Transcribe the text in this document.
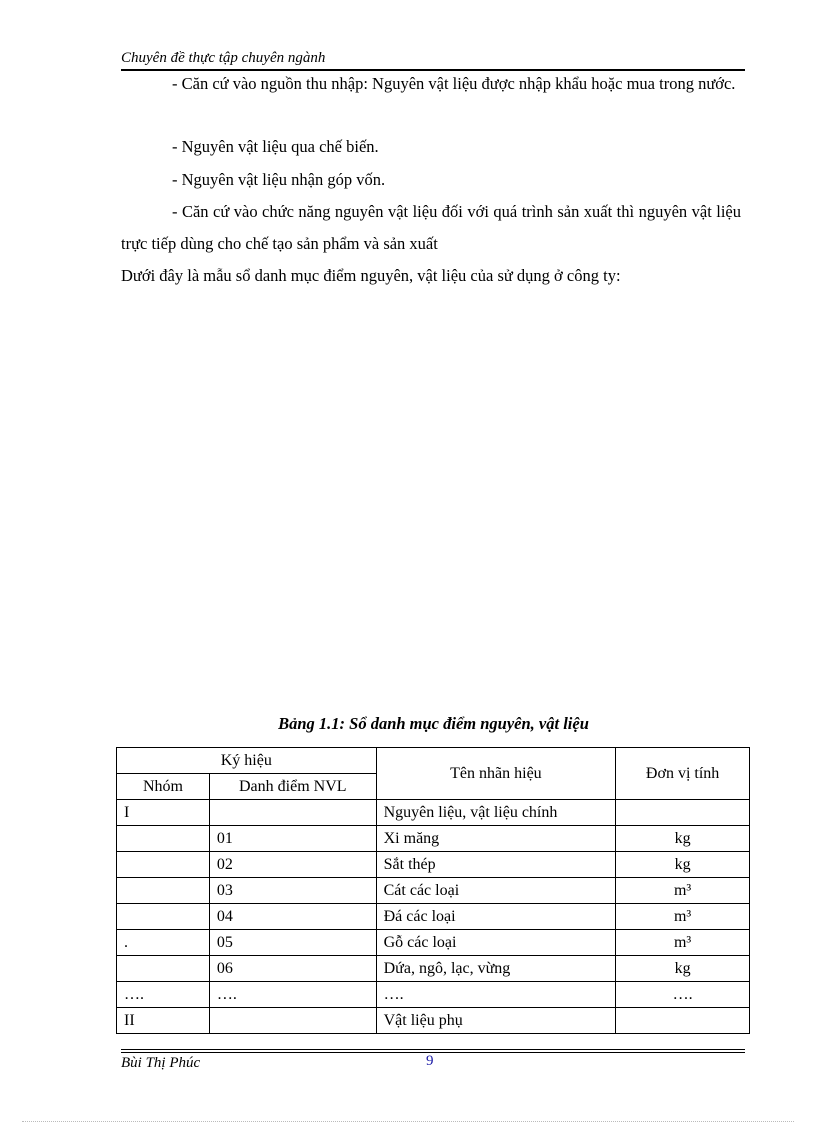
Chuyên đề thực tập chuyên ngành
- Căn cứ vào nguồn thu nhập: Nguyên vật liệu được nhập khẩu hoặc mua trong nước.
- Nguyên vật liệu qua chế biến.
- Nguyên vật liệu nhận góp vốn.
- Căn cứ vào chức năng nguyên vật liệu đối với quá trình sản xuất thì nguyên vật liệu trực tiếp dùng cho chế tạo sản phẩm và sản xuất
Dưới đây là mẫu sổ danh mục điểm nguyên, vật liệu của sử dụng ở công ty:
Bảng 1.1: Sổ danh mục điểm nguyên, vật liệu
Ký hiệu		Tên nhãn hiệu	Đơn vị tính
Nhóm	Danh điểm NVL		
I		Nguyên liệu, vật liệu chính	
	01	Xi măng	kg
	02	Sắt thép	kg
	03	Cát các loại	m³
	04	Đá các loại	m³
.	05	Gỗ các loại	m³
	06	Dứa, ngô, lạc, vừng	kg
….	….	….	….
II		Vật liệu phụ	
Bùi Thị Phúc	9
